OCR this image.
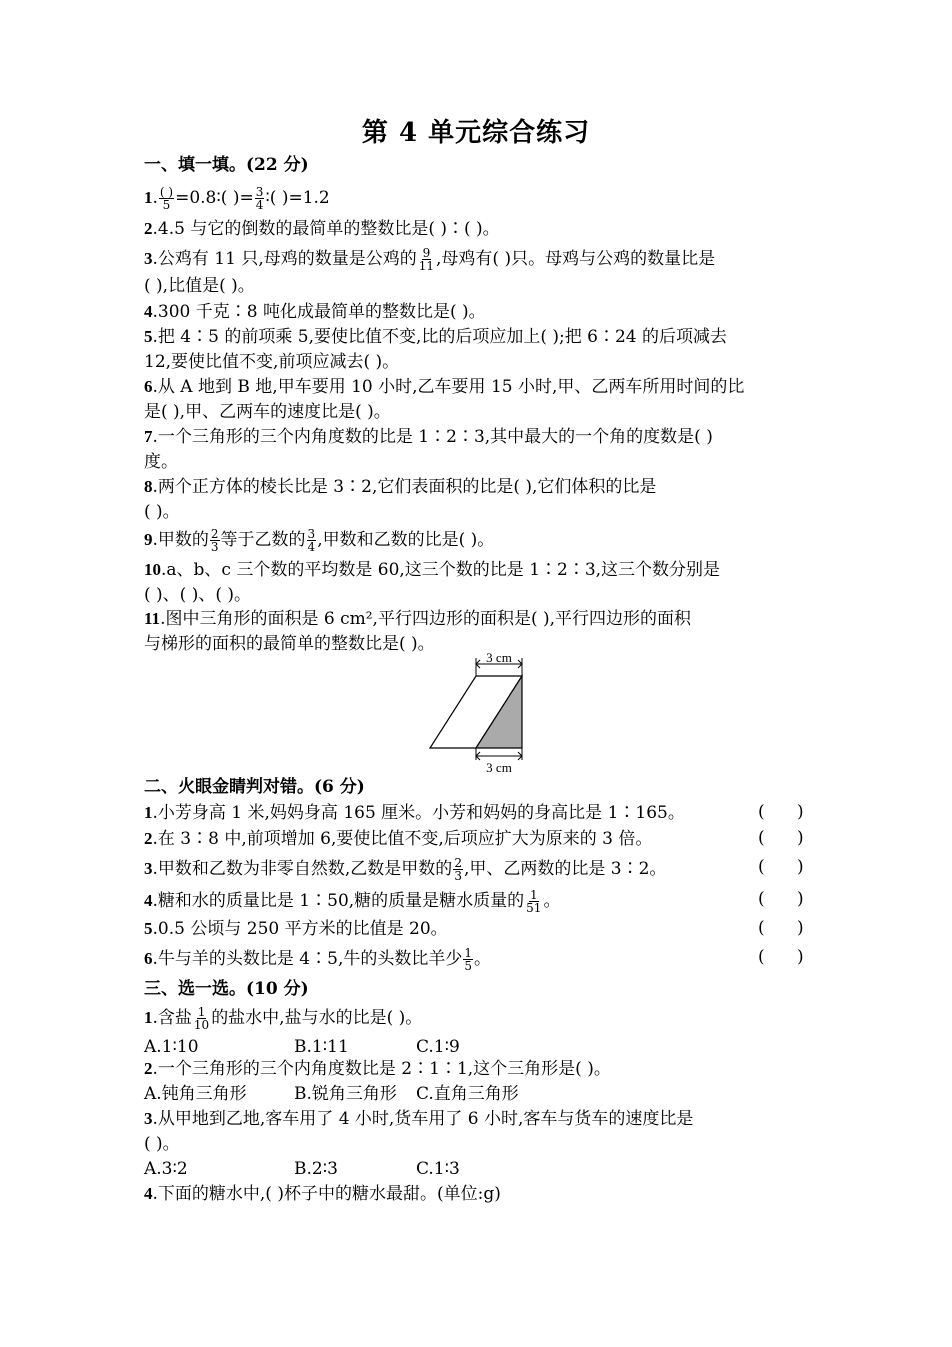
第 4 单元综合练习
一、填一填。(22 分)
1. $\frac{( )}{5}$ =0.8∶( )= $\frac{3}{4}$ ∶( )=1.2
2.4.5 与它的倒数的最简单的整数比是( )∶( )。
3.公鸡有 11 只,母鸡的数量是公鸡的 $\frac{9}{11}$ ,母鸡有( )只。母鸡与公鸡的数量比是
( ),比值是( )。
4.300 千克∶8 吨化成最简单的整数比是( )。
5.把 4∶5 的前项乘 5,要使比值不变,比的后项应加上( );把 6∶24 的后项减去
12,要使比值不变,前项应减去( )。
6.从 A 地到 B 地,甲车要用 10 小时,乙车要用 15 小时,甲、乙两车所用时间的比
是( ),甲、乙两车的速度比是( )。
7.一个三角形的三个内角度数的比是 1∶2∶3,其中最大的一个角的度数是( )
度。
8.两个正方体的棱长比是 3∶2,它们表面积的比是( ),它们体积的比是
( )。
9.甲数的 $\frac{2}{3}$ 等于乙数的 $\frac{3}{4}$ ,甲数和乙数的比是( )。
10.a、b、c 三个数的平均数是 60,这三个数的比是 1∶2∶3,这三个数分别是
( )、( )、( )。
11.图中三角形的面积是 6 cm²,平行四边形的面积是( ),平行四边形的面积
与梯形的面积的最简单的整数比是( )。
3 cm
3 cm
二、火眼金睛判对错。(6 分)
1.小芳身高 1 米,妈妈身高 165 厘米。小芳和妈妈的身高比是 1∶165。	(      )
2.在 3∶8 中,前项增加 6,要使比值不变,后项应扩大为原来的 3 倍。	(      )
3.甲数和乙数为非零自然数,乙数是甲数的 $\frac{2}{3}$ ,甲、乙两数的比是 3∶2。	(      )
4.糖和水的质量比是 1∶50,糖的质量是糖水质量的 $\frac{1}{51}$ 。	(      )
5.0.5 公顷与 250 平方米的比值是 20。	(      )
6.牛与羊的头数比是 4∶5,牛的头数比羊少 $\frac{1}{5}$ 。	(      )
三、选一选。(10 分)
1.含盐 $\frac{1}{10}$ 的盐水中,盐与水的比是( )。
A.1∶10	B.1∶11	C.1∶9
2.一个三角形的三个内角度数比是 2∶1∶1,这个三角形是( )。
A.钝角三角形	B.锐角三角形 C.直角三角形
3.从甲地到乙地,客车用了 4 小时,货车用了 6 小时,客车与货车的速度比是
( )。
A.3∶2	B.2∶3	C.1∶3
4.下面的糖水中,( )杯子中的糖水最甜。(单位:g)
